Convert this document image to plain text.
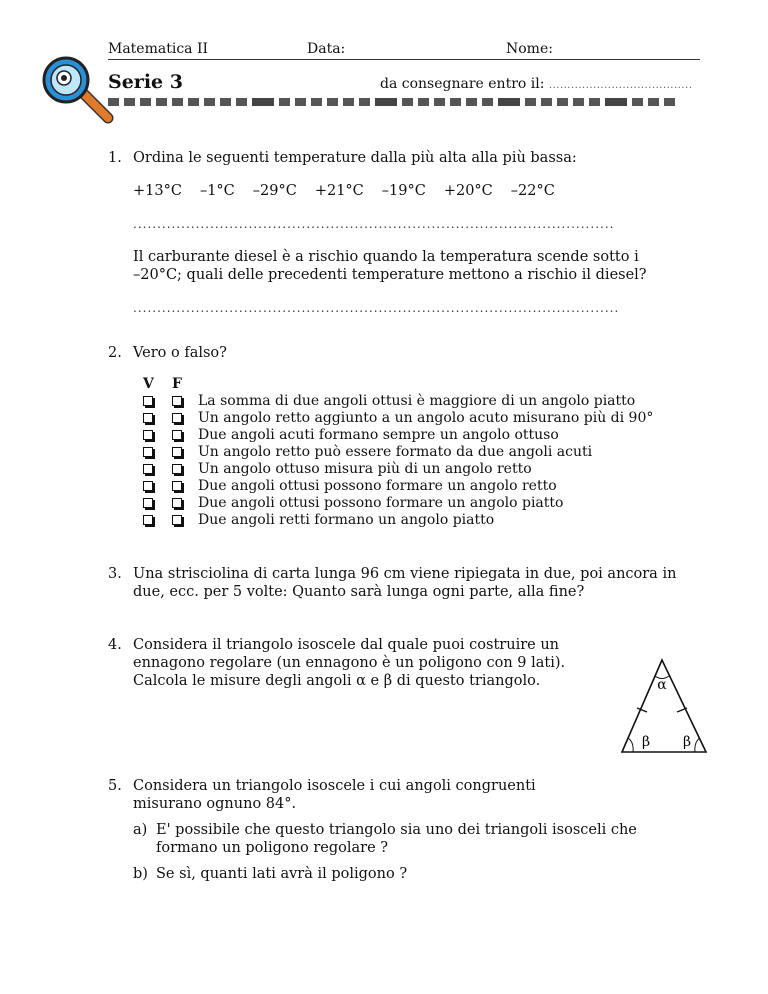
Matematica II	Data:	Nome:
Serie 3	da consegnare entro il: .......................................
1. Ordina le seguenti temperature dalla più alta alla più bassa:
+13°C –1°C –29°C +21°C –19°C +20°C –22°C
....................................................................................................
Il carburante diesel è a rischio quando la temperatura scende sotto i
–20°C; quali delle precedenti temperature mettono a rischio il diesel?
.....................................................................................................
2. Vero o falso?
V F
La somma di due angoli ottusi è maggiore di un angolo piatto
Un angolo retto aggiunto a un angolo acuto misurano più di 90°
Due angoli acuti formano sempre un angolo ottuso
Un angolo retto può essere formato da due angoli acuti
Un angolo ottuso misura più di un angolo retto
Due angoli ottusi possono formare un angolo retto
Due angoli ottusi possono formare un angolo piatto
Due angoli retti formano un angolo piatto
3. Una strisciolina di carta lunga 96 cm viene ripiegata in due, poi ancora in
due, ecc. per 5 volte: Quanto sarà lunga ogni parte, alla fine?
4. Considera il triangolo isoscele dal quale puoi costruire un
ennagono regolare (un ennagono è un poligono con 9 lati).
Calcola le misure degli angoli α e β di questo triangolo.	α
β β
5. Considera un triangolo isoscele i cui angoli congruenti
misurano ognuno 84°.
a) E' possibile che questo triangolo sia uno dei triangoli isosceli che
formano un poligono regolare ?
b) Se sì, quanti lati avrà il poligono ?
